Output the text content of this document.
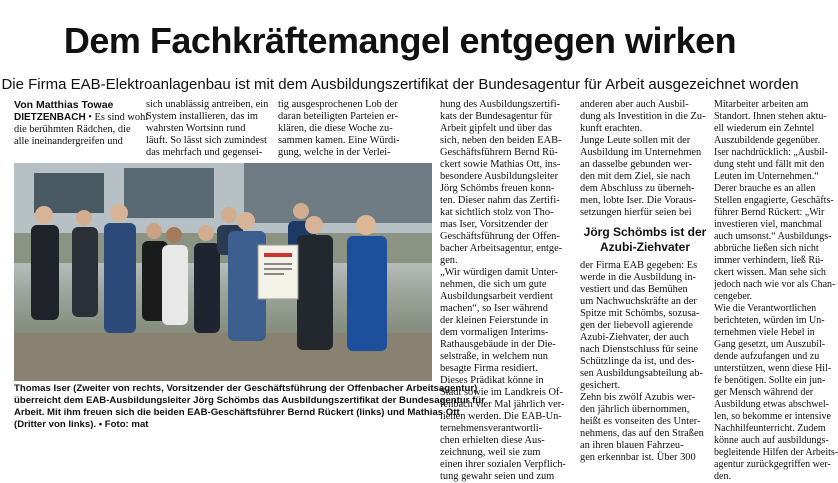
Dem Fachkräftemangel entgegen wirken
Die Firma EAB-Elektroanlagenbau ist mit dem Ausbildungszertifikat der Bundesagentur für Arbeit ausgezeichnet worden
Von Matthias Towae
DIETZENBACH • Es sind wohl
die berühmten Rädchen, die
alle ineinandergreifen und
sich unablässig antreiben, ein
System installieren, das im
wahrsten Wortsinn rund
läuft. So lässt sich zumindest
das mehrfach und gegensei-
tig ausgesprochenen Lob der
daran beteiligten Parteien er-
klären, die diese Woche zu-
sammen kamen. Eine Würdi-
gung, welche in der Verlei-
hung des Ausbildungszertifi-
kats der Bundesagentur für
Arbeit gipfelt und über das
sich, neben den beiden EAB-
Geschäftsführern Bernd Rü-
ckert sowie Mathias Ott, ins-
besondere Ausbildungsleiter
Jörg Schömbs freuen konn-
ten. Dieser nahm das Zertifi-
kat sichtlich stolz von Tho-
mas Iser, Vorsitzender der
Geschäftsführung der Offen-
bacher Arbeitsagentur, entge-
gen.
„Wir würdigen damit Unter-
nehmen, die sich um gute
Ausbildungsarbeit verdient
machen“, so Iser während
der kleinen Feierstunde in
dem vormaligen Interims-
Rathausgebäude in der Die-
selstraße, in welchem nun
besagte Firma residiert.
Dieses Prädikat könne in
Stadt sowie im Landkreis Of-
fenbach vier Mal jährlich ver-
liehen werden. Die EAB-Un-
ternehmensverantwortli-
chen erhielten diese Aus-
zeichnung, weil sie zum
einen ihrer sozialen Verpflich-
tung gewahr seien und zum
anderen aber auch Ausbil-
dung als Investition in die Zu-
kunft erachten.
Junge Leute sollen mit der
Ausbildung im Unternehmen
an dasselbe gebunden wer-
den mit dem Ziel, sie nach
dem Abschluss zu überneh-
men, lobte Iser. Die Voraus-
setzungen hierfür seien bei
Jörg Schömbs ist der Azubi-Ziehvater
der Firma EAB gegeben: Es
werde in die Ausbildung in-
vestiert und das Bemühen
um Nachwuchskräfte an der
Spitze mit Schömbs, sozusa-
gen der liebevoll agierende
Azubi-Ziehvater, der auch
nach Dienstschluss für seine
Schützlinge da ist, und des-
sen Ausbildungsabteilung ab-
gesichert.
Zehn bis zwölf Azubis wer-
den jährlich übernommen,
heißt es vonseiten des Unter-
nehmens, das auf den Straßen
an ihren blauen Fahrzeu-
gen erkennbar ist. Über 300
Mitarbeiter arbeiten am
Standort. Ihnen stehen aktu-
ell wiederum ein Zehntel
Auszubildende gegenüber.
Iser nachdrücklich: „Ausbil-
dung steht und fällt mit den
Leuten im Unternehmen.“
Derer brauche es an allen
Stellen engagierte, Geschäfts-
führer Bernd Rückert: „Wir
investieren viel, manchmal
auch umsonst.“ Ausbildungs-
abbrüche ließen sich nicht
immer verhindern, ließ Rü-
ckert wissen. Man sehe sich
jedoch nach wie vor als Chan-
cengeber.
Wie die Verantwortlichen
berichteten, würden im Un-
ternehmen viele Hebel in
Gang gesetzt, um Auszubil-
dende aufzufangen und zu
unterstützen, wenn diese Hil-
fe benötigen. Sollte ein jun-
ger Mensch während der
Ausbildung etwas abschwel-
len, so bekomme er intensive
Nachhilfeunterricht. Zudem
könne auch auf ausbildungs-
begleitende Hilfen der Arbeits-
agentur zurückgegriffen wer-
den.
Thomas Iser (Zweiter von rechts, Vorsitzender der Geschäftsführung der Offenbacher Arbeitsagentur)
überreicht dem EAB-Ausbildungsleiter Jörg Schömbs das Ausbildungszertifikat der Bundesagentur für
Arbeit. Mit ihm freuen sich die beiden EAB-Geschäftsführer Bernd Rückert (links) und Mathias Ott
(Dritter von links). • Foto: mat
